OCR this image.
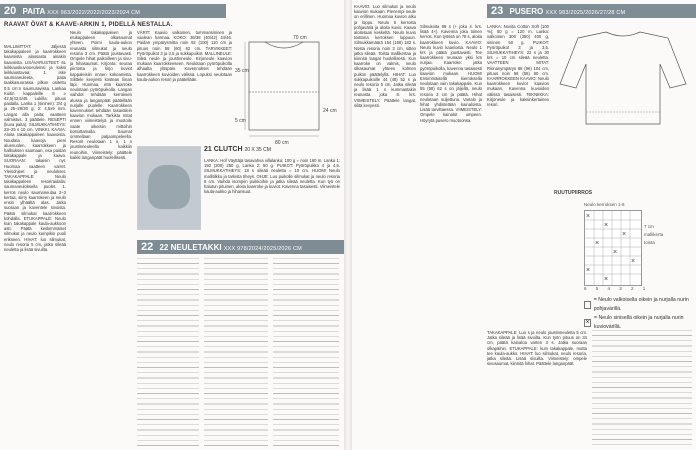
20 PAITA XXX 963/2022/2022/2023/2024 CM
RAAVAT ÖVAT & KAAVE-ARKIN 1, PIDELLÄ NESTALLA.
70 cm
80 cm
35 cm
24 cm
5 cm
MALLIMITTAT: Jäljessä takakappaleen ja kaarrokkeen kaavoista alaosasta ainakin kaavoista. LISÄVARUSTEET: 6L leikkauskuvioneuleinsi ja kaksi leikkaustavaa; 1 iske saumaneuleeta, paita taakkasuorassa pilkon ositettu 0,5 cm:n saumuravissa. Lankaa Kuitin kappaleille S ≥ 42,5(43,5/45 Lukilla: pituus paidalla. Lanka 1 (sininen): 3/4 g ja 25–28/30 g; 2: 4,5x9 mm. Langat alla paita; vaatteen valmistus. 3 päättele. RESEPTI (kuva paita). SILMUKKATIHEYS: 23–25 s 10 cm. VINKKI, KAAVA: Aloita takakappaleen kaavoista. Noudata kaavoja pieni aluenuolen, kaarrokkeen ja hallituksen saumaan, osa paidan takakappale ja kaava. SUORAAN: takaisin nyt. Huomaa vaatteen varret. Yleisohjeet ja neulokset. TAKAKAPPALE: Neulo takakappaleen resoriraidalla: saumaneuloksella puolet. 1. kerros neulo saumaneulaa 2–3 kertaa, siirry kaarrokeen ja neulo ensin ylhäältä alas. Jatka suoraan ja kaventele sivuista. Päätä silmukat kaarrokkeen kohdalla. ETUKAPPALE: Neulo kuin takakappale kaula-aukkoon asti. Päätä keskimmäiset silmukat ja neulo kumpikin puoli erikseen. HIHAT: luo silmukat, neulo resoria 5 cm, jatka sileää neuletta ja lisää sivuilta.
Neulo takakappaleen ja etukappaleen olkasaumat yhteen. Poimi kaula-aukon reunasta silmukat ja neulo resoria 3 cm. Päätä joustavasti. Ompele hihat paikoilleen ja sivu- ja hihasaumat. Kirjonta: seuraa piirrosta ja kirjo kuviot kappaleisiin ennen kokoamista. Silittele kevyesti kostean liinan läpi. Huomaa, että kaarroke neulotaan pyöröpuikolla. Langan vaihdot tehdään kerroksen alussa ja langanpäät päätellään nurjalle puolelle. Kaarrokkeen kavennukset tehdään tasavälein kaavion mukaan. Tarkista mitat ennen viimeistelyä ja muotoile vaate oikeisiin mittoihin kostuttamalla. Saumat ommellaan patjaompeleella. Resorit neulotaan 1 o, 1 n joustinneuleella kaikkiin reunoihin. Viimeistely: päättele kaikki langanpäät huolellisesti.
VÄRIT: Kaavio valkoinen, tummansininen ja vaalean harmaa. KOKO: 36/38 (40/42) 44/46. Paidan ympärysmitta noin 92 (100) 110 cm ja pituus noin 58 (60) 62 cm. TARVIKKEET: Pyöröpuikot 3 ja 3,5 ja sukkapuikot. MALLINEULE: Sileä neule ja joustinneule. Kirjoneule kaavion mukaan kaarrokkeeseen. Neulotaan pyöröpuikolla alhaalta ylöspäin. Kavennukset tehdään kaarrokkeen kuvioiden välissä. Lopuksi neulotaan kaula-aukon resori ja päätellään.
21 CLUTCH 20 X 35 CM
LANKA: Hof Väyttäjä tasavahva villalanka; 100 g = noin 160 m. Lanka 1: 150 (200) 250 g, Lanka 2: 50 g. PUIKOT: Pyöröpuikko 4 ja 4,5. SILMUKKATIHEYS: 18 s sileää neuletta = 10 cm. HUOM! Neulo mallitilkku ja tarkista tiheys. OHJE: Luo puikolle silmukat ja neulo resoria 6 cm. Vaihda isompiin puikkoihin ja jatka sileää neuletta. Kun työ on halutun pituinen, aloita kaarroke ja kuviot. Kavenna tasaisesti. Viimeistele kaula-aukko ja hihansuut.
22 22 NEULETAKKI XXX 978/2024/2025/2026 CM
KAAVIO: Luo silmukat ja neulo kaavion mukaan. Pienempi neule on erillinen. Huomaa kuvion alku ja loppu. Neulo 5 kerrosta pohjaväriä ja aloita kuvio. Kaava aloitetaan keskeltä. Neulo kuvio toistona kerroksen loppuun. Silmukkamäärä 154 (168) 182 s. Nosta resoria noin 3 cm, sitten jatka sileää. Toista mallikertaa ja kiinnitä langat huolellisesti. Kun kaarroke on valmis, neulo olkasaumat yhteen kolmen puikon päättelyllä. HIHAT: Luo sukkapuikoille 44 (48) 52 s ja neulo resoria 5 cm. Jatka sileää ja lisää 1 s kummastakin reunasta joka 8. krs. VIIMEISTELY: Päättele langat, silitä kevyesti.
Silmukoita 99 s (+ joka 4. krs. lisää 4×). Kavenna joka toinen kerros. Kun työssä on 78 s, aloita kaarrokkeen kuvio. KAAVIO: Neulo kuvio kaaviosta. Neulo 1 krs ja päätä joustavasti. Tee kaarrokkeen reunaan yksi krs nurjaa. Kaarroke: jatka pyöröpuikolla, kavenna tasaisesti kaavion mukaan. HUOM! Ensimmäisellä kierroksella neulotaan vain takakappale. Kun 55 (58) 62 s on jäljellä, neulo resoria 3 cm ja päätä. Hihat neulotaan suljettuna. Vartalo ja hihat yhdistetään kainaloista. Lisää tarvittaessa. VIIMEISTELY: Ompele kainalot umpeen. Höyrytä pusero muotoonsa.
23 PUSERO XXX 983/2025/2026/27/28 CM
LANKA: Novita Cotton Soft (100 %); 50 g = 120 m. Lanka: valkoinen 300 (350) 400 g, sininen 50 g. PUIKOT: Pyöröpuikot 3 ja 3,5. SILMUKKATIHEYS: 22 s ja 30 krs = 10 cm sileää neuletta. VAATTEEN MITAT: Rinnanympärys 88 (96) 104 cm, pituus noin 56 (58) 60 cm. KAARROKKEEN KAAVIO: Neulo kaarrokkeen kuviot kaavion mukaan. Kavenna kuvioiden välissä tasaisesti. TEKNIIKKA: Kirjoneule ja kaksinkertainen resori.
RUUTUPIIRROS
Neulo kerroksen 1-8
×
×
×
×
×
×
×
×
7 cm
mallikerta
toista
6 5 4 3 2 1
= Neulo valkoisella oikein ja nurjalla nurin pohjavärillä.
×
= Neulo sinisellä oikein ja nurjalla nurin kuviovärillä.
TAKAKAPPALE: Luo s ja neulo joustinneuletta 5 cm. Jatka sileää ja lisää sivuilta. Kun työn pituus on 34 cm, päätä kainaloa varten 3 s. Jatka suoraan olkapäihin. ETUKAPPALE: kuin takakappale, mutta tee kaula-aukko. HIHAT: luo silmukat, neulo resoria, jatka sileää. Lisää sivuilta. Viimeistely: ompele sivusaumat, kiinnitä hihat. Päättele langanpäät.
